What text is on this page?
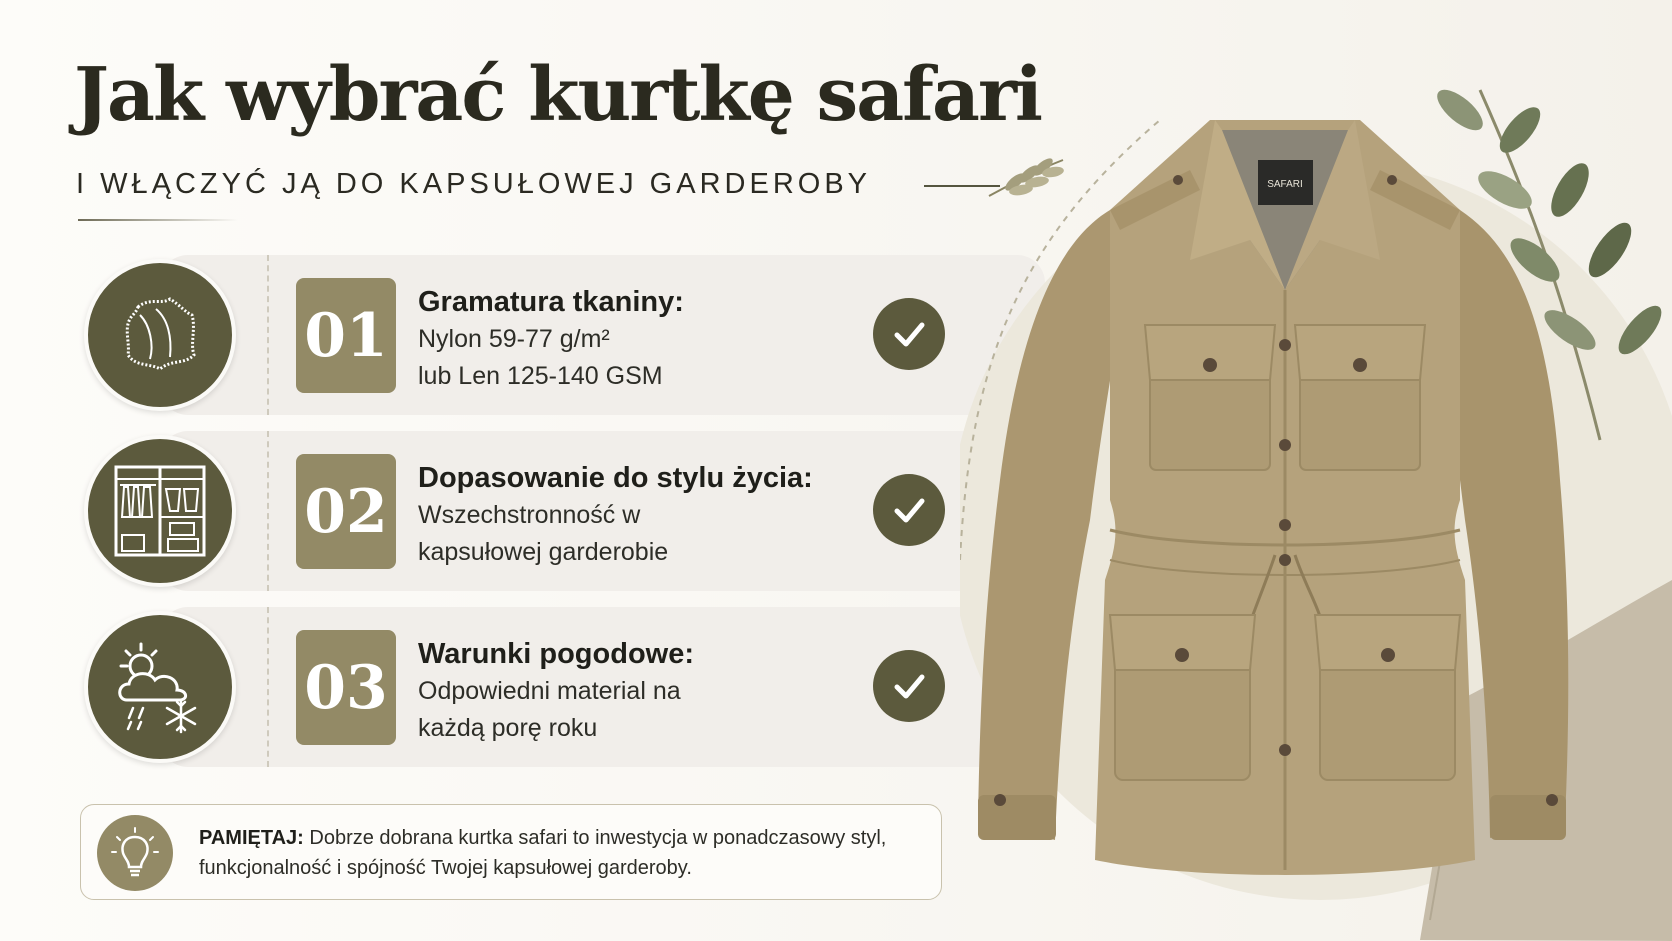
Jak wybrać kurtkę safari
I WŁĄCZYĆ JĄ DO KAPSUŁOWEJ GARDEROBY
01 Gramatura tkaniny:
Nylon 59-77 g/m²
lub Len 125-140 GSM
02 Dopasowanie do stylu życia:
Wszechstronność w
kapsułowej garderobie
03 Warunki pogodowe:
Odpowiedni material na
każdą porę roku
PAMIĘTAJ: Dobrze dobrana kurtka safari to inwestycja w ponadczasowy styl,
funkcjonalność i spójność Twojej kapsułowej garderoby.
SAFARI
